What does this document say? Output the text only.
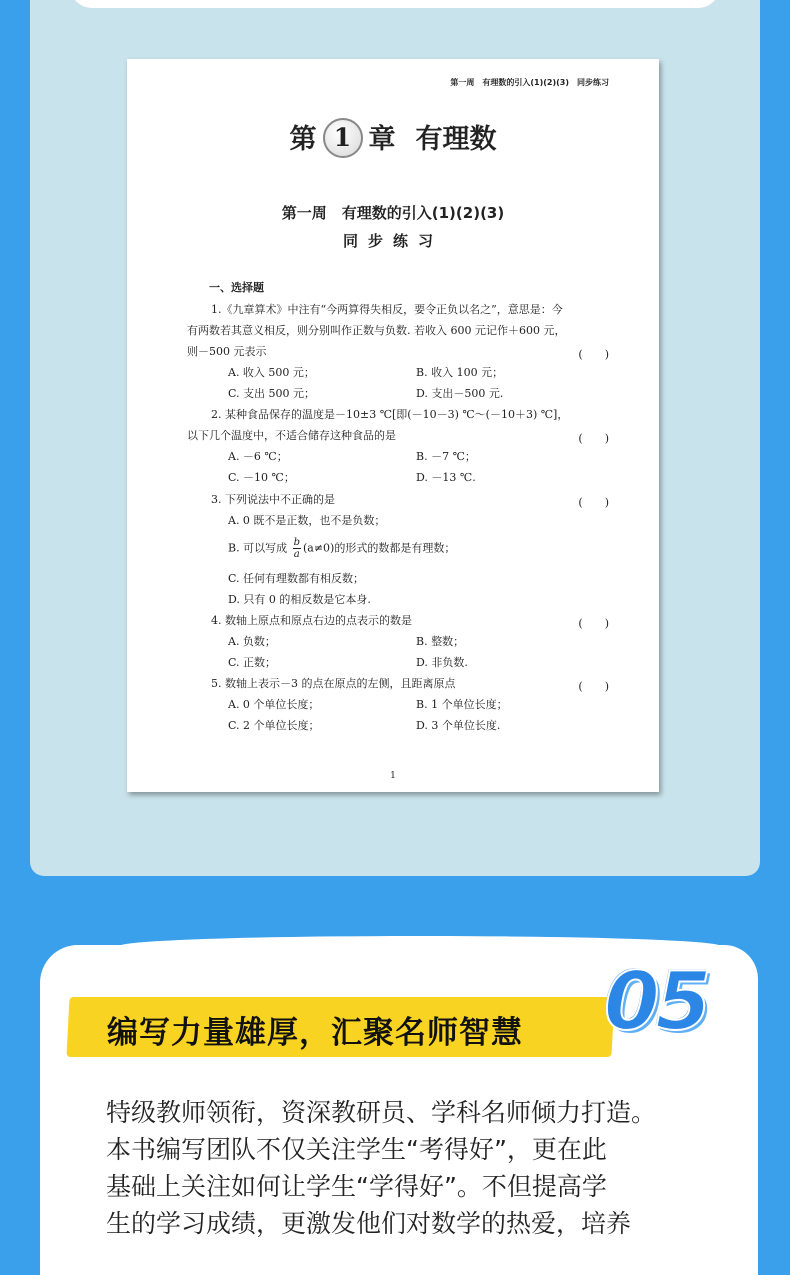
第一周　有理数的引入(1)(2)(3)　同步练习
第 1 章 有理数
第一周　有理数的引入(1)(2)(3)
同步练习
一、选择题
1.《九章算术》中注有“今两算得失相反，要令正负以名之”，意思是：今
有两数若其意义相反，则分别叫作正数与负数. 若收入 600 元记作＋600 元，
则－500 元表示	(　　)
A. 收入 500 元；	B. 收入 100 元；
C. 支出 500 元；	D. 支出－500 元.
2. 某种食品保存的温度是－10±3 ℃[即(－10－3) ℃～(－10＋3) ℃]，
以下几个温度中，不适合储存这种食品的是	(　　)
A. －6 ℃；	B. －7 ℃；
C. －10 ℃；	D. －13 ℃.
3. 下列说法中不正确的是	(　　)
A. 0 既不是正数，也不是负数；
B. 可以写成 $\frac{b}{a} (a\ne 0)$的形式的数都是有理数；
C. 任何有理数都有相反数；
D. 只有 0 的相反数是它本身.
4. 数轴上原点和原点右边的点表示的数是	(　　)
A. 负数；	B. 整数；
C. 正数；	D. 非负数.
5. 数轴上表示－3 的点在原点的左侧，且距离原点	(　　)
A. 0 个单位长度；	B. 1 个单位长度；
C. 2 个单位长度；	D. 3 个单位长度.
1
编写力量雄厚，汇聚名师智慧 05

特级教师领衔，资深教研员、学科名师倾力打造。

本书编写团队不仅关注学生“考得好”，更在此

基础上关注如何让学生“学得好”。不但提高学

生的学习成绩，更激发他们对数学的热爱，培养
